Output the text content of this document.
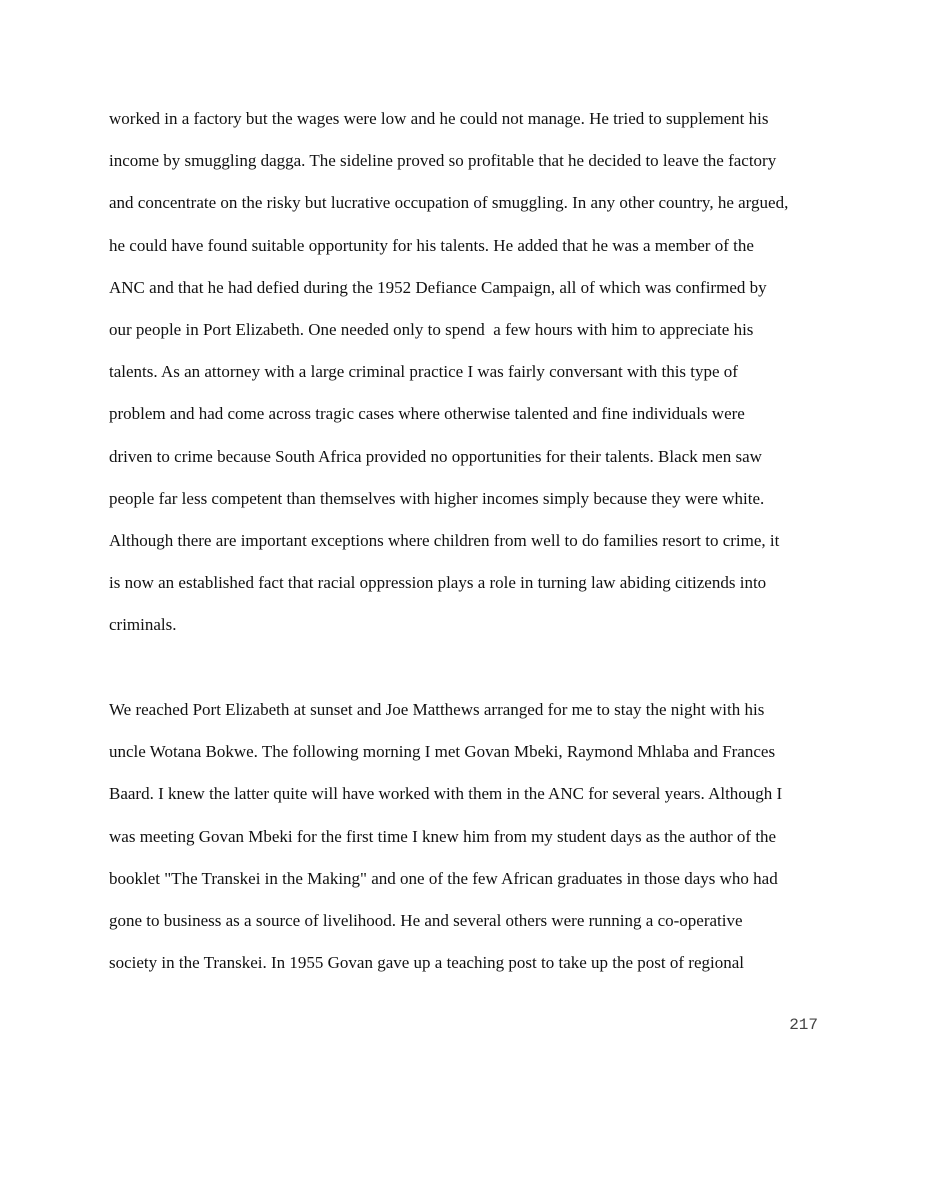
worked in a factory but the wages were low and he could not manage. He tried to supplement his
income by smuggling dagga. The sideline proved so profitable that he decided to leave the factory
and concentrate on the risky but lucrative occupation of smuggling. In any other country, he argued,
he could have found suitable opportunity for his talents. He added that he was a member of the
ANC and that he had defied during the 1952 Defiance Campaign, all of which was confirmed by
our people in Port Elizabeth. One needed only to spend  a few hours with him to appreciate his
talents. As an attorney with a large criminal practice I was fairly conversant with this type of
problem and had come across tragic cases where otherwise talented and fine individuals were
driven to crime because South Africa provided no opportunities for their talents. Black men saw
people far less competent than themselves with higher incomes simply because they were white.
Although there are important exceptions where children from well to do families resort to crime, it
is now an established fact that racial oppression plays a role in turning law abiding citizends into
criminals.
We reached Port Elizabeth at sunset and Joe Matthews arranged for me to stay the night with his
uncle Wotana Bokwe. The following morning I met Govan Mbeki, Raymond Mhlaba and Frances
Baard. I knew the latter quite will have worked with them in the ANC for several years. Although I
was meeting Govan Mbeki for the first time I knew him from my student days as the author of the
booklet "The Transkei in the Making" and one of the few African graduates in those days who had
gone to business as a source of livelihood. He and several others were running a co-operative
society in the Transkei. In 1955 Govan gave up a teaching post to take up the post of regional
217
